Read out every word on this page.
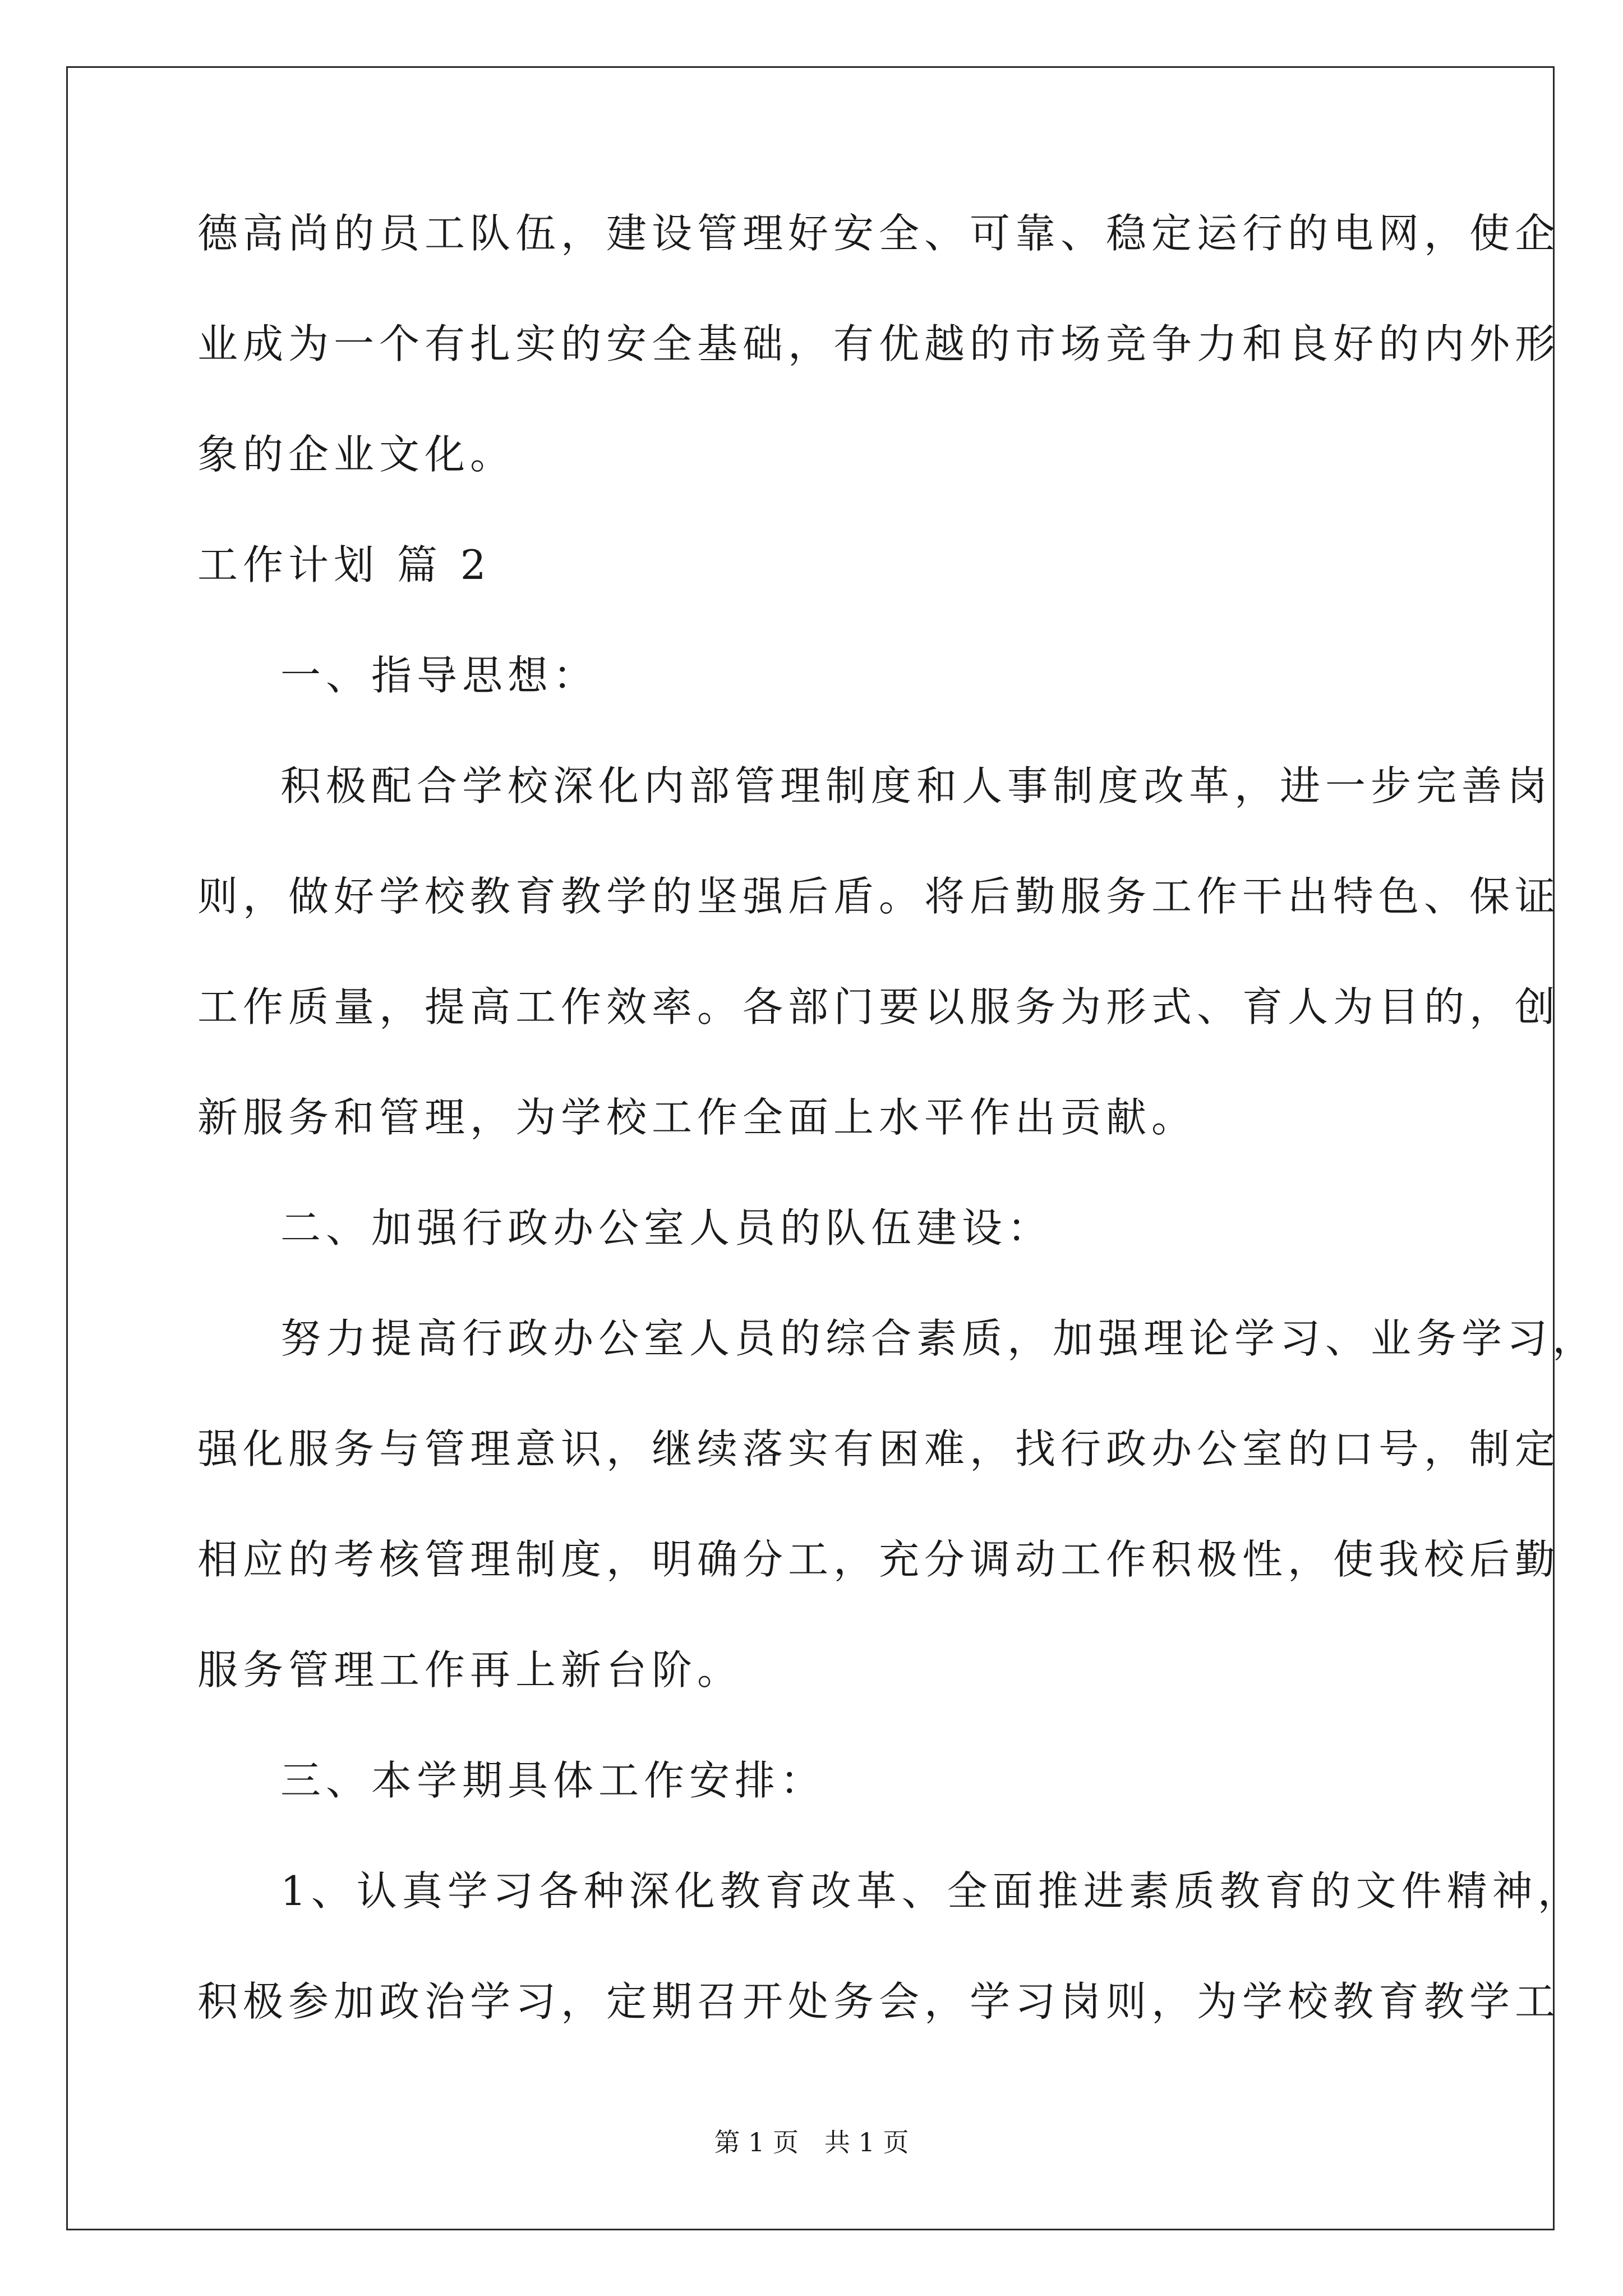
德高尚的员工队伍，建设管理好安全、可靠、稳定运行的电网，使企
业成为一个有扎实的安全基础，有优越的市场竞争力和良好的内外形
象的企业文化。
工作计划 篇 2
一、指导思想：
积极配合学校深化内部管理制度和人事制度改革，进一步完善岗
则，做好学校教育教学的坚强后盾。将后勤服务工作干出特色、保证
工作质量，提高工作效率。各部门要以服务为形式、育人为目的，创
新服务和管理，为学校工作全面上水平作出贡献。
二、加强行政办公室人员的队伍建设：
努力提高行政办公室人员的综合素质，加强理论学习、业务学习，
强化服务与管理意识，继续落实有困难，找行政办公室的口号，制定
相应的考核管理制度，明确分工，充分调动工作积极性，使我校后勤
服务管理工作再上新台阶。
三、本学期具体工作安排：
1、认真学习各种深化教育改革、全面推进素质教育的文件精神，
积极参加政治学习，定期召开处务会，学习岗则，为学校教育教学工
第 1 页　共 1 页
